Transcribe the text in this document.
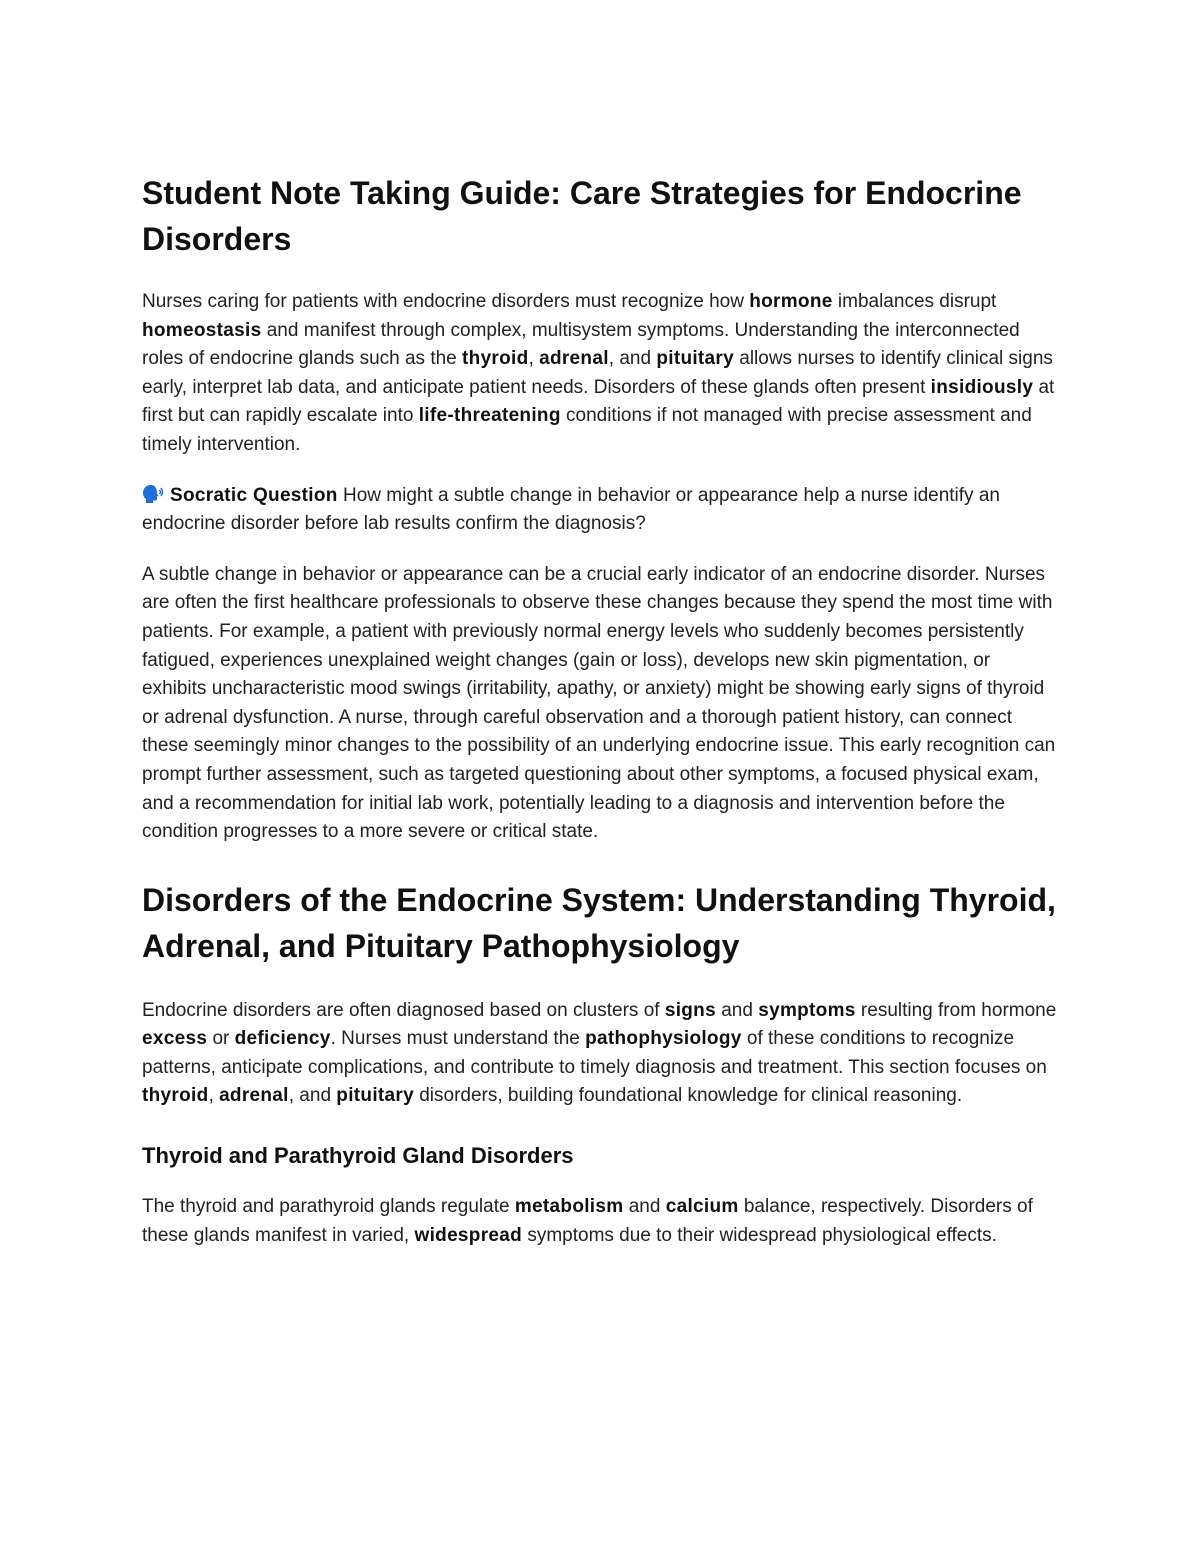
Student Note Taking Guide: Care Strategies for Endocrine Disorders

Nurses caring for patients with endocrine disorders must recognize how hormone imbalances disrupt homeostasis and manifest through complex, multisystem symptoms. Understanding the interconnected roles of endocrine glands such as the thyroid, adrenal, and pituitary allows nurses to identify clinical signs early, interpret lab data, and anticipate patient needs. Disorders of these glands often present insidiously at first but can rapidly escalate into life-threatening conditions if not managed with precise assessment and timely intervention.

Socratic Question How might a subtle change in behavior or appearance help a nurse identify an endocrine disorder before lab results confirm the diagnosis?

A subtle change in behavior or appearance can be a crucial early indicator of an endocrine disorder. Nurses are often the first healthcare professionals to observe these changes because they spend the most time with patients. For example, a patient with previously normal energy levels who suddenly becomes persistently fatigued, experiences unexplained weight changes (gain or loss), develops new skin pigmentation, or exhibits uncharacteristic mood swings (irritability, apathy, or anxiety) might be showing early signs of thyroid or adrenal dysfunction. A nurse, through careful observation and a thorough patient history, can connect these seemingly minor changes to the possibility of an underlying endocrine issue. This early recognition can prompt further assessment, such as targeted questioning about other symptoms, a focused physical exam, and a recommendation for initial lab work, potentially leading to a diagnosis and intervention before the condition progresses to a more severe or critical state.

Disorders of the Endocrine System: Understanding Thyroid, Adrenal, and Pituitary Pathophysiology

Endocrine disorders are often diagnosed based on clusters of signs and symptoms resulting from hormone excess or deficiency. Nurses must understand the pathophysiology of these conditions to recognize patterns, anticipate complications, and contribute to timely diagnosis and treatment. This section focuses on thyroid, adrenal, and pituitary disorders, building foundational knowledge for clinical reasoning.

Thyroid and Parathyroid Gland Disorders

The thyroid and parathyroid glands regulate metabolism and calcium balance, respectively. Disorders of these glands manifest in varied, widespread symptoms due to their widespread physiological effects.
